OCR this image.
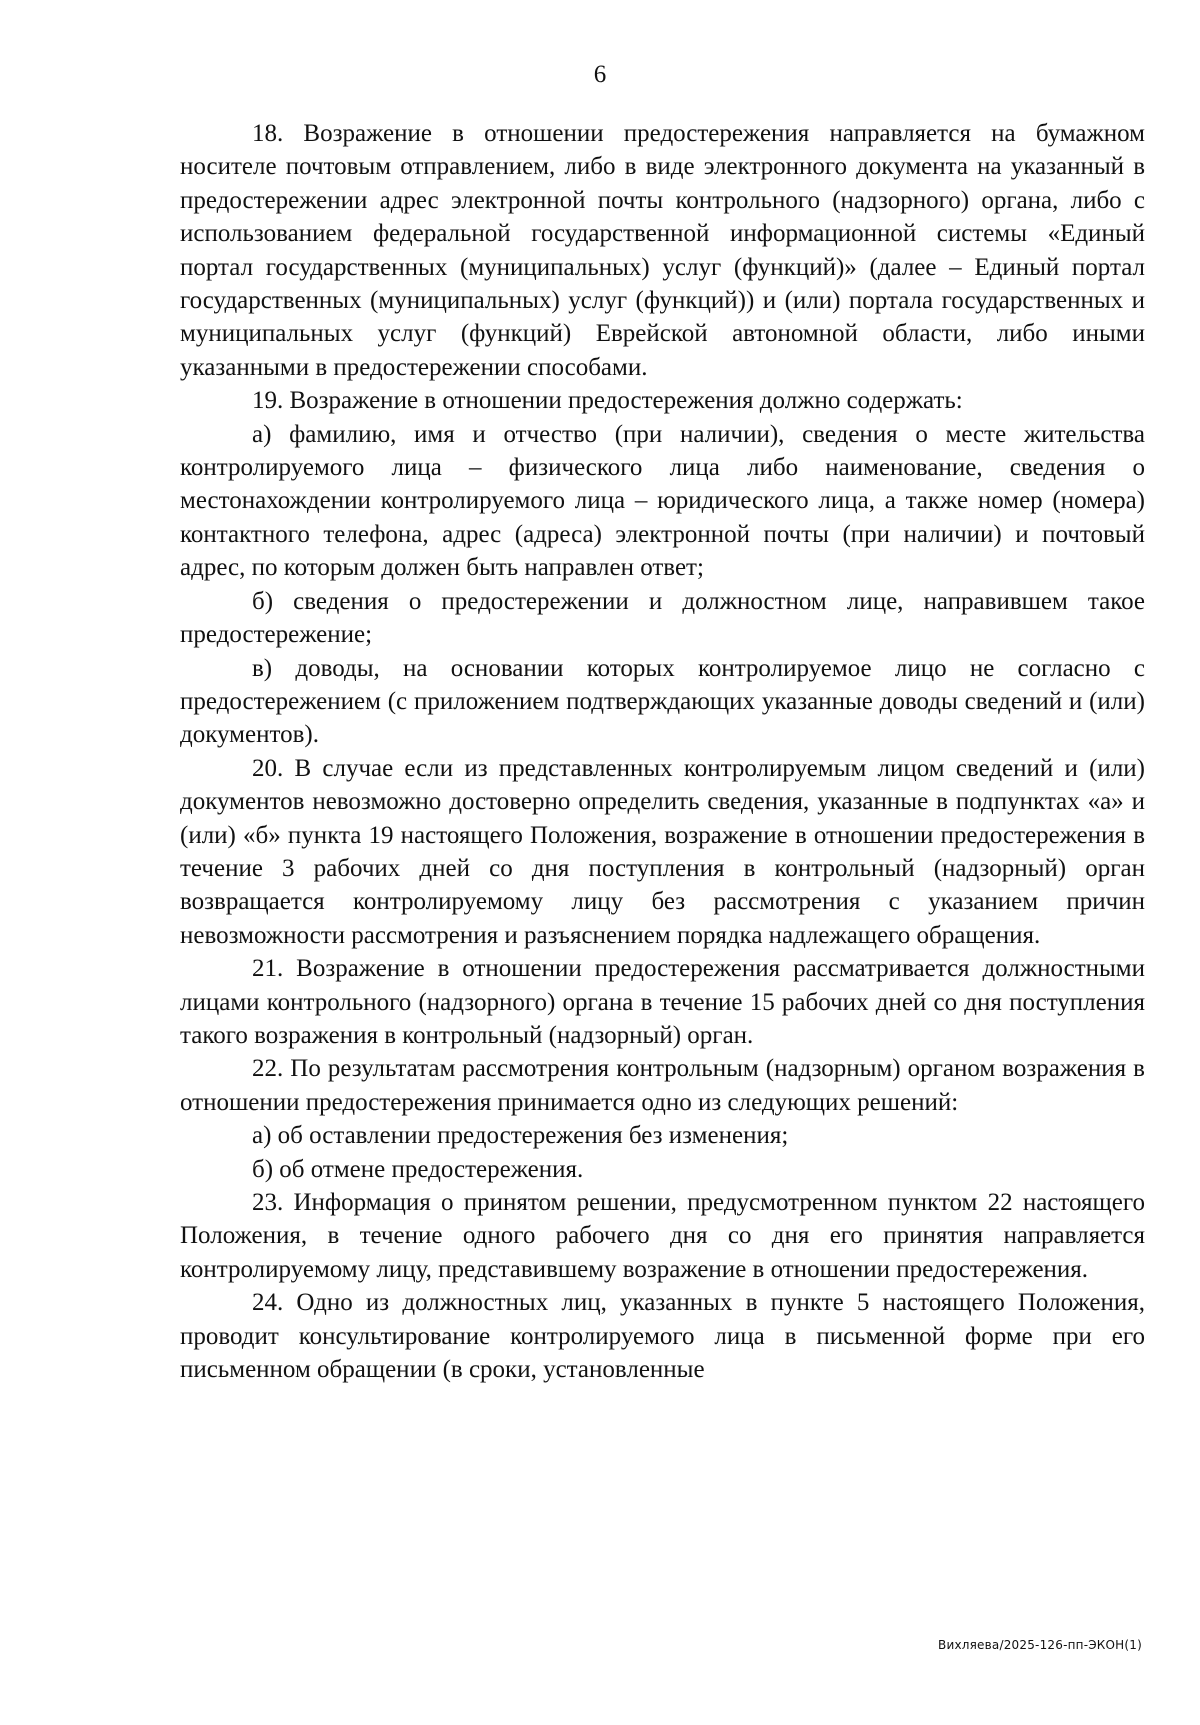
6

18. Возражение в отношении предостережения направляется на бумажном носителе почтовым отправлением, либо в виде электронного документа на указанный в предостережении адрес электронной почты контрольного (надзорного) органа, либо с использованием федеральной государственной информационной системы «Единый портал государственных (муниципальных) услуг (функций)» (далее – Единый портал государственных (муниципальных) услуг (функций)) и (или) портала государственных и муниципальных услуг (функций) Еврейской автономной области, либо иными указанными в предостережении способами.

19. Возражение в отношении предостережения должно содержать:

а) фамилию, имя и отчество (при наличии), сведения о месте жительства контролируемого лица – физического лица либо наименование, сведения о местонахождении контролируемого лица – юридического лица, а также номер (номера) контактного телефона, адрес (адреса) электронной почты (при наличии) и почтовый адрес, по которым должен быть направлен ответ;

б) сведения о предостережении и должностном лице, направившем такое предостережение;

в) доводы, на основании которых контролируемое лицо не согласно с предостережением (с приложением подтверждающих указанные доводы сведений и (или) документов).

20. В случае если из представленных контролируемым лицом сведений и (или) документов невозможно достоверно определить сведения, указанные в подпунктах «а» и (или) «б» пункта 19 настоящего Положения, возражение в отношении предостережения в течение 3 рабочих дней со дня поступления в контрольный (надзорный) орган возвращается контролируемому лицу без рассмотрения с указанием причин невозможности рассмотрения и разъяснением порядка надлежащего обращения.

21. Возражение в отношении предостережения рассматривается должностными лицами контрольного (надзорного) органа в течение 15 рабочих дней со дня поступления такого возражения в контрольный (надзорный) орган.

22. По результатам рассмотрения контрольным (надзорным) органом возражения в отношении предостережения принимается одно из следующих решений:

а) об оставлении предостережения без изменения;

б) об отмене предостережения.

23. Информация о принятом решении, предусмотренном пунктом 22 настоящего Положения, в течение одного рабочего дня со дня его принятия направляется контролируемому лицу, представившему возражение в отношении предостережения.

24. Одно из должностных лиц, указанных в пункте 5 настоящего Положения, проводит консультирование контролируемого лица в письменной форме при его письменном обращении (в сроки, установленные

Вихляева/2025-126-пп-ЭКОН(1)
